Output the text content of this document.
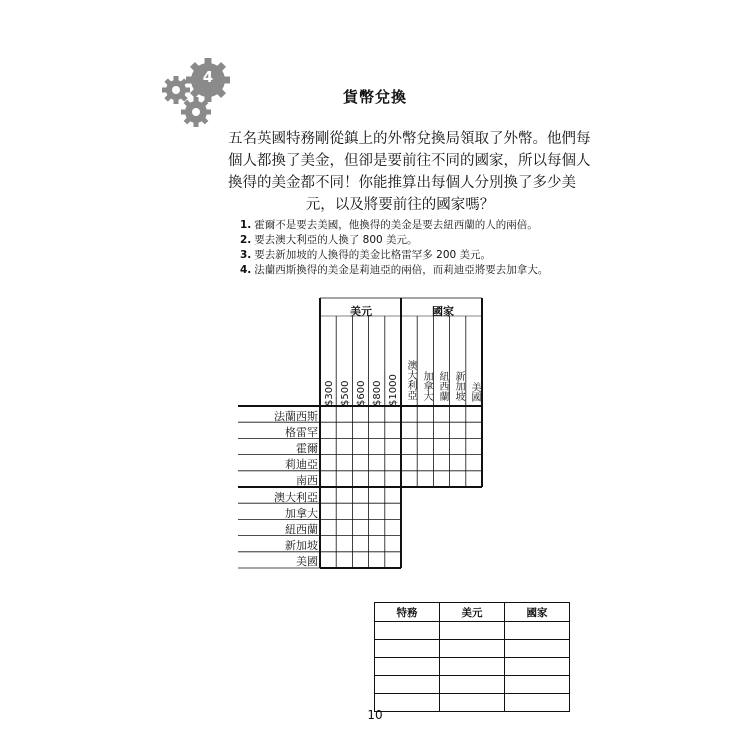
4
貨幣兌換
五名英國特務剛從鎮上的外幣兌換局領取了外幣。他們每
個人都換了美金，但卻是要前往不同的國家，所以每個人
換得的美金都不同！你能推算出每個人分別換了多少美
元，以及將要前往的國家嗎？
1. 霍爾不是要去美國，他換得的美金是要去紐西蘭的人的兩倍。
2. 要去澳大利亞的人換了 800 美元。
3. 要去新加坡的人換得的美金比格雷罕多 200 美元。
4. 法蘭西斯換得的美金是莉迪亞的兩倍，而莉迪亞將要去加拿大。
美元	國家
$300 $500 $600 $800 $1000 澳大利亞 加拿大 紐西蘭 新加坡 美國
法蘭西斯
格雷罕
霍爾
莉迪亞
南西
澳大利亞
加拿大
紐西蘭
新加坡
美國
特務	美元	國家

10
